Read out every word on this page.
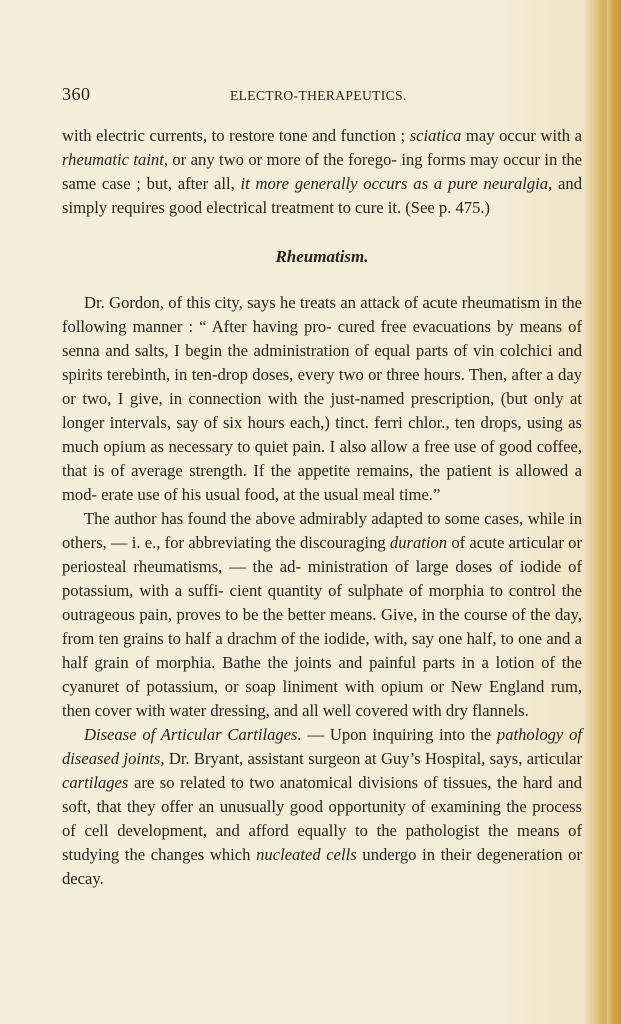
360	ELECTRO-THERAPEUTICS.

with electric currents, to restore tone and function ; sciatica may occur with a rheumatic taint, or any two or more of the forego- ing forms may occur in the same case ; but, after all, it more generally occurs as a pure neuralgia, and simply requires good electrical treatment to cure it. (See p. 475.)

Rheumatism.

Dr. Gordon, of this city, says he treats an attack of acute rheumatism in the following manner : “ After having pro- cured free evacuations by means of senna and salts, I begin the administration of equal parts of vin colchici and spirits terebinth, in ten-drop doses, every two or three hours. Then, after a day or two, I give, in connection with the just-named prescription, (but only at longer intervals, say of six hours each,) tinct. ferri chlor., ten drops, using as much opium as necessary to quiet pain. I also allow a free use of good coffee, that is of average strength. If the appetite remains, the patient is allowed a mod- erate use of his usual food, at the usual meal time.”

The author has found the above admirably adapted to some cases, while in others, — i. e., for abbreviating the discouraging duration of acute articular or periosteal rheumatisms, — the ad- ministration of large doses of iodide of potassium, with a suffi- cient quantity of sulphate of morphia to control the outrageous pain, proves to be the better means. Give, in the course of the day, from ten grains to half a drachm of the iodide, with, say one half, to one and a half grain of morphia. Bathe the joints and painful parts in a lotion of the cyanuret of potassium, or soap liniment with opium or New England rum, then cover with water dressing, and all well covered with dry flannels.

Disease of Articular Cartilages. — Upon inquiring into the pathology of diseased joints, Dr. Bryant, assistant surgeon at Guy’s Hospital, says, articular cartilages are so related to two anatomical divisions of tissues, the hard and soft, that they offer an unusually good opportunity of examining the process of cell development, and afford equally to the pathologist the means of studying the changes which nucleated cells undergo in their degeneration or decay.
